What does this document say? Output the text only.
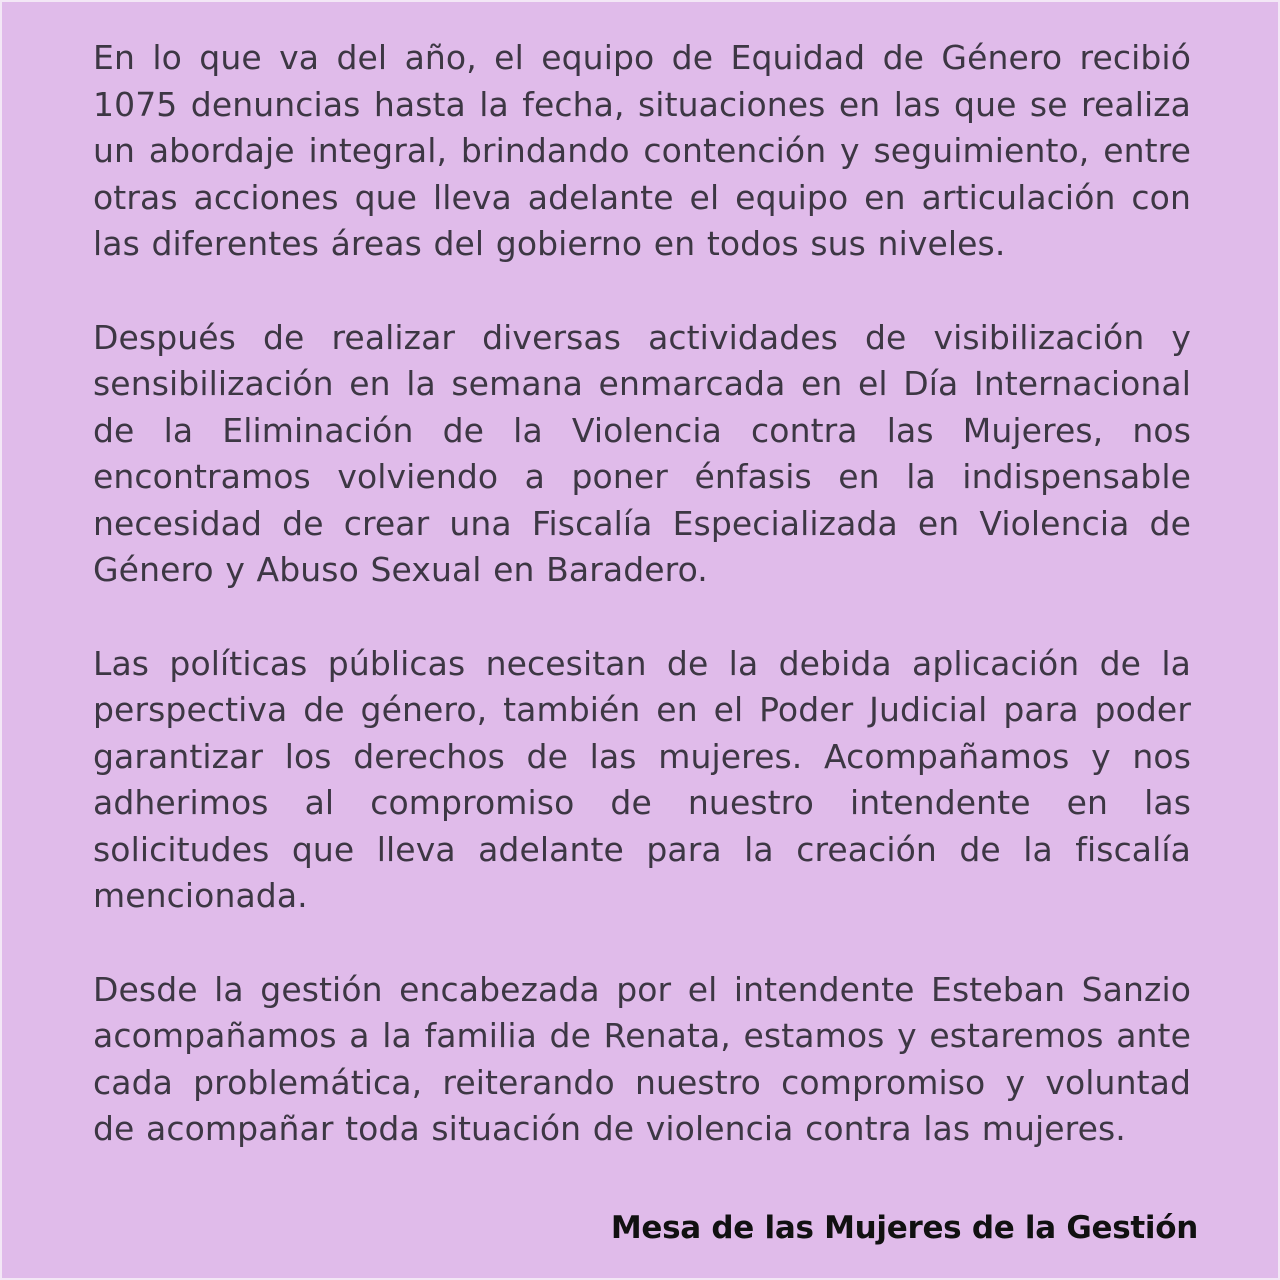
En lo que va del año, el equipo de Equidad de Género recibió 1075 denuncias hasta la fecha, situaciones en las que se realiza un abordaje integral, brindando contención y seguimiento, entre otras acciones que lleva adelante el equipo en articulación con las diferentes áreas del gobierno en todos sus niveles.

Después de realizar diversas actividades de visibilización y sensibilización en la semana enmarcada en el Día Internacional de la Eliminación de la Violencia contra las Mujeres, nos encontramos volviendo a poner énfasis en la indispensable necesidad de crear una Fiscalía Especializada en Violencia de Género y Abuso Sexual en Baradero.

Las políticas públicas necesitan de la debida aplicación de la perspectiva de género, también en el Poder Judicial para poder garantizar los derechos de las mujeres. Acompañamos y nos adherimos al compromiso de nuestro intendente en las solicitudes que lleva adelante para la creación de la fiscalía mencionada.

Desde la gestión encabezada por el intendente Esteban Sanzio acompañamos a la familia de Renata, estamos y estaremos ante cada problemática, reiterando nuestro compromiso y voluntad de acompañar toda situación de violencia contra las mujeres.

Mesa de las Mujeres de la Gestión
